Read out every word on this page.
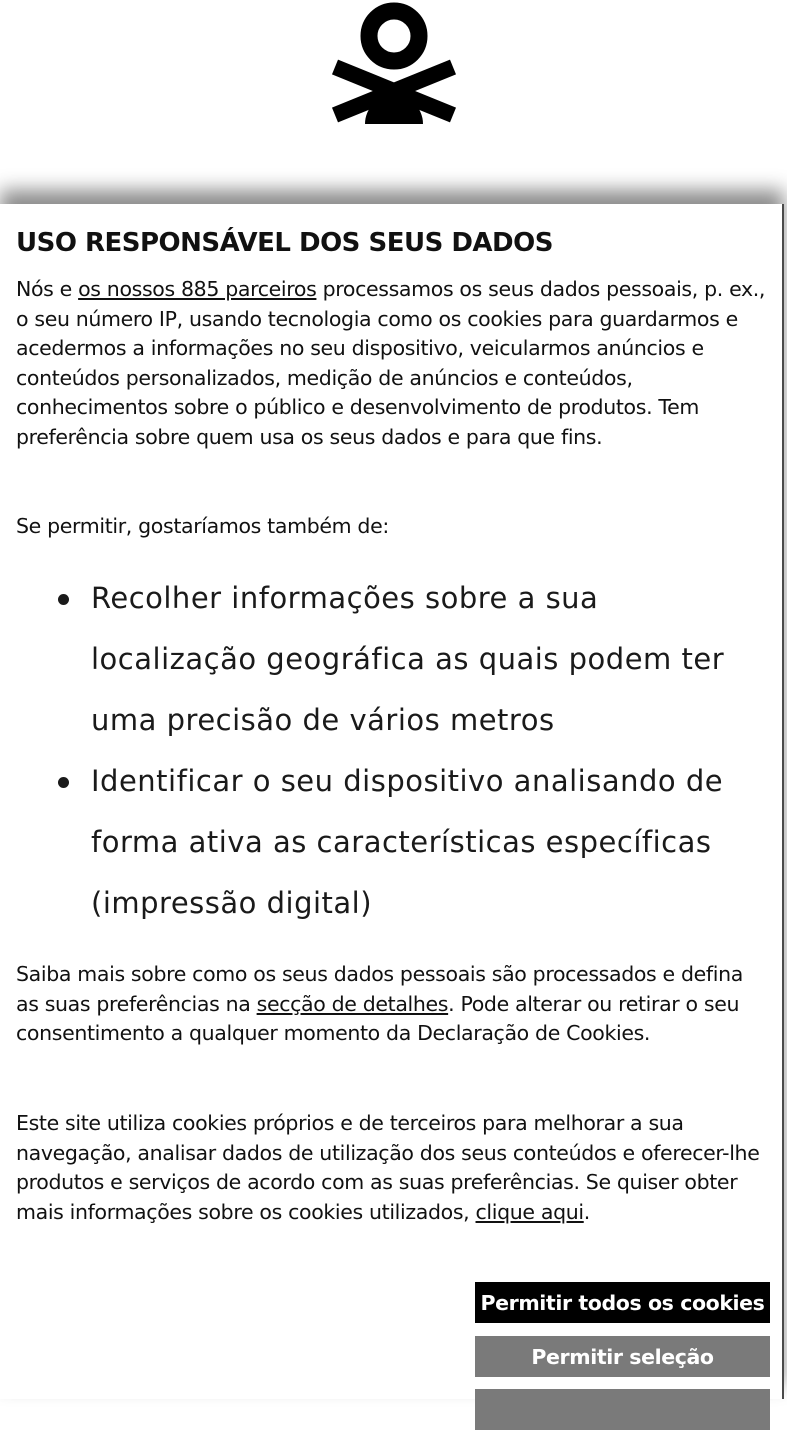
USO RESPONSÁVEL DOS SEUS DADOS

Nós e os nossos 885 parceiros processamos os seus dados pessoais, p. ex., o seu número IP, usando tecnologia como os cookies para guardarmos e acedermos a informações no seu dispositivo, veicularmos anúncios e conteúdos personalizados, medição de anúncios e conteúdos, conhecimentos sobre o público e desenvolvimento de produtos. Tem preferência sobre quem usa os seus dados e para que fins.

Se permitir, gostaríamos também de:

Recolher informações sobre a sua localização geográfica as quais podem ter uma precisão de vários metros
Identificar o seu dispositivo analisando de forma ativa as características específicas (impressão digital)

Saiba mais sobre como os seus dados pessoais são processados e defina as suas preferências na secção de detalhes. Pode alterar ou retirar o seu consentimento a qualquer momento da Declaração de Cookies.

Este site utiliza cookies próprios e de terceiros para melhorar a sua navegação, analisar dados de utilização dos seus conteúdos e oferecer-lhe produtos e serviços de acordo com as suas preferências. Se quiser obter mais informações sobre os cookies utilizados, clique aqui.

Permitir todos os cookies
Permitir seleção
